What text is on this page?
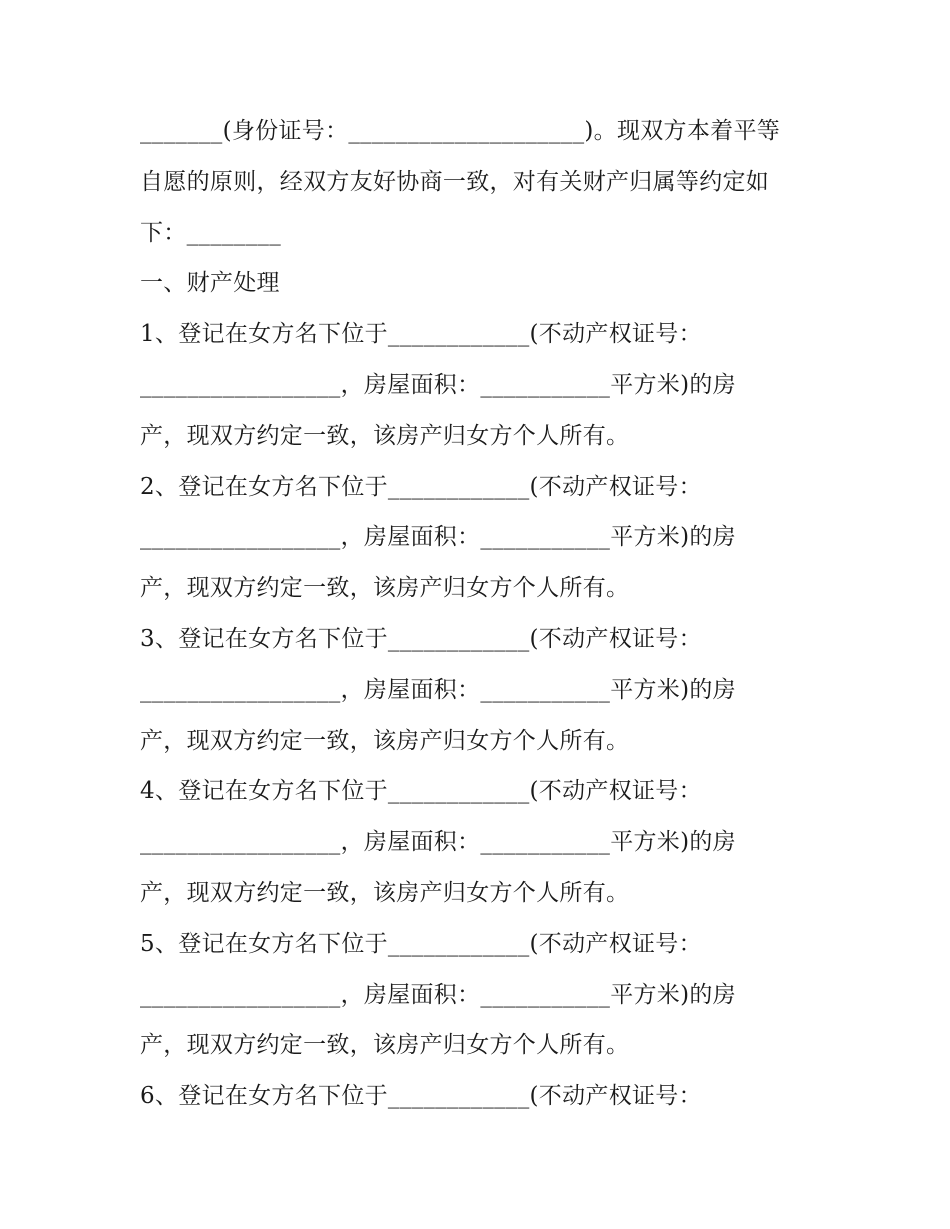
_______(身份证号：____________________)。现双方本着平等
自愿的原则，经双方友好协商一致，对有关财产归属等约定如
下：________
一、财产处理
1、登记在女方名下位于____________(不动产权证号：
_________________，房屋面积：___________平方米)的房
产，现双方约定一致，该房产归女方个人所有。
2、登记在女方名下位于____________(不动产权证号：
_________________，房屋面积：___________平方米)的房
产，现双方约定一致，该房产归女方个人所有。
3、登记在女方名下位于____________(不动产权证号：
_________________，房屋面积：___________平方米)的房
产，现双方约定一致，该房产归女方个人所有。
4、登记在女方名下位于____________(不动产权证号：
_________________，房屋面积：___________平方米)的房
产，现双方约定一致，该房产归女方个人所有。
5、登记在女方名下位于____________(不动产权证号：
_________________，房屋面积：___________平方米)的房
产，现双方约定一致，该房产归女方个人所有。
6、登记在女方名下位于____________(不动产权证号：
